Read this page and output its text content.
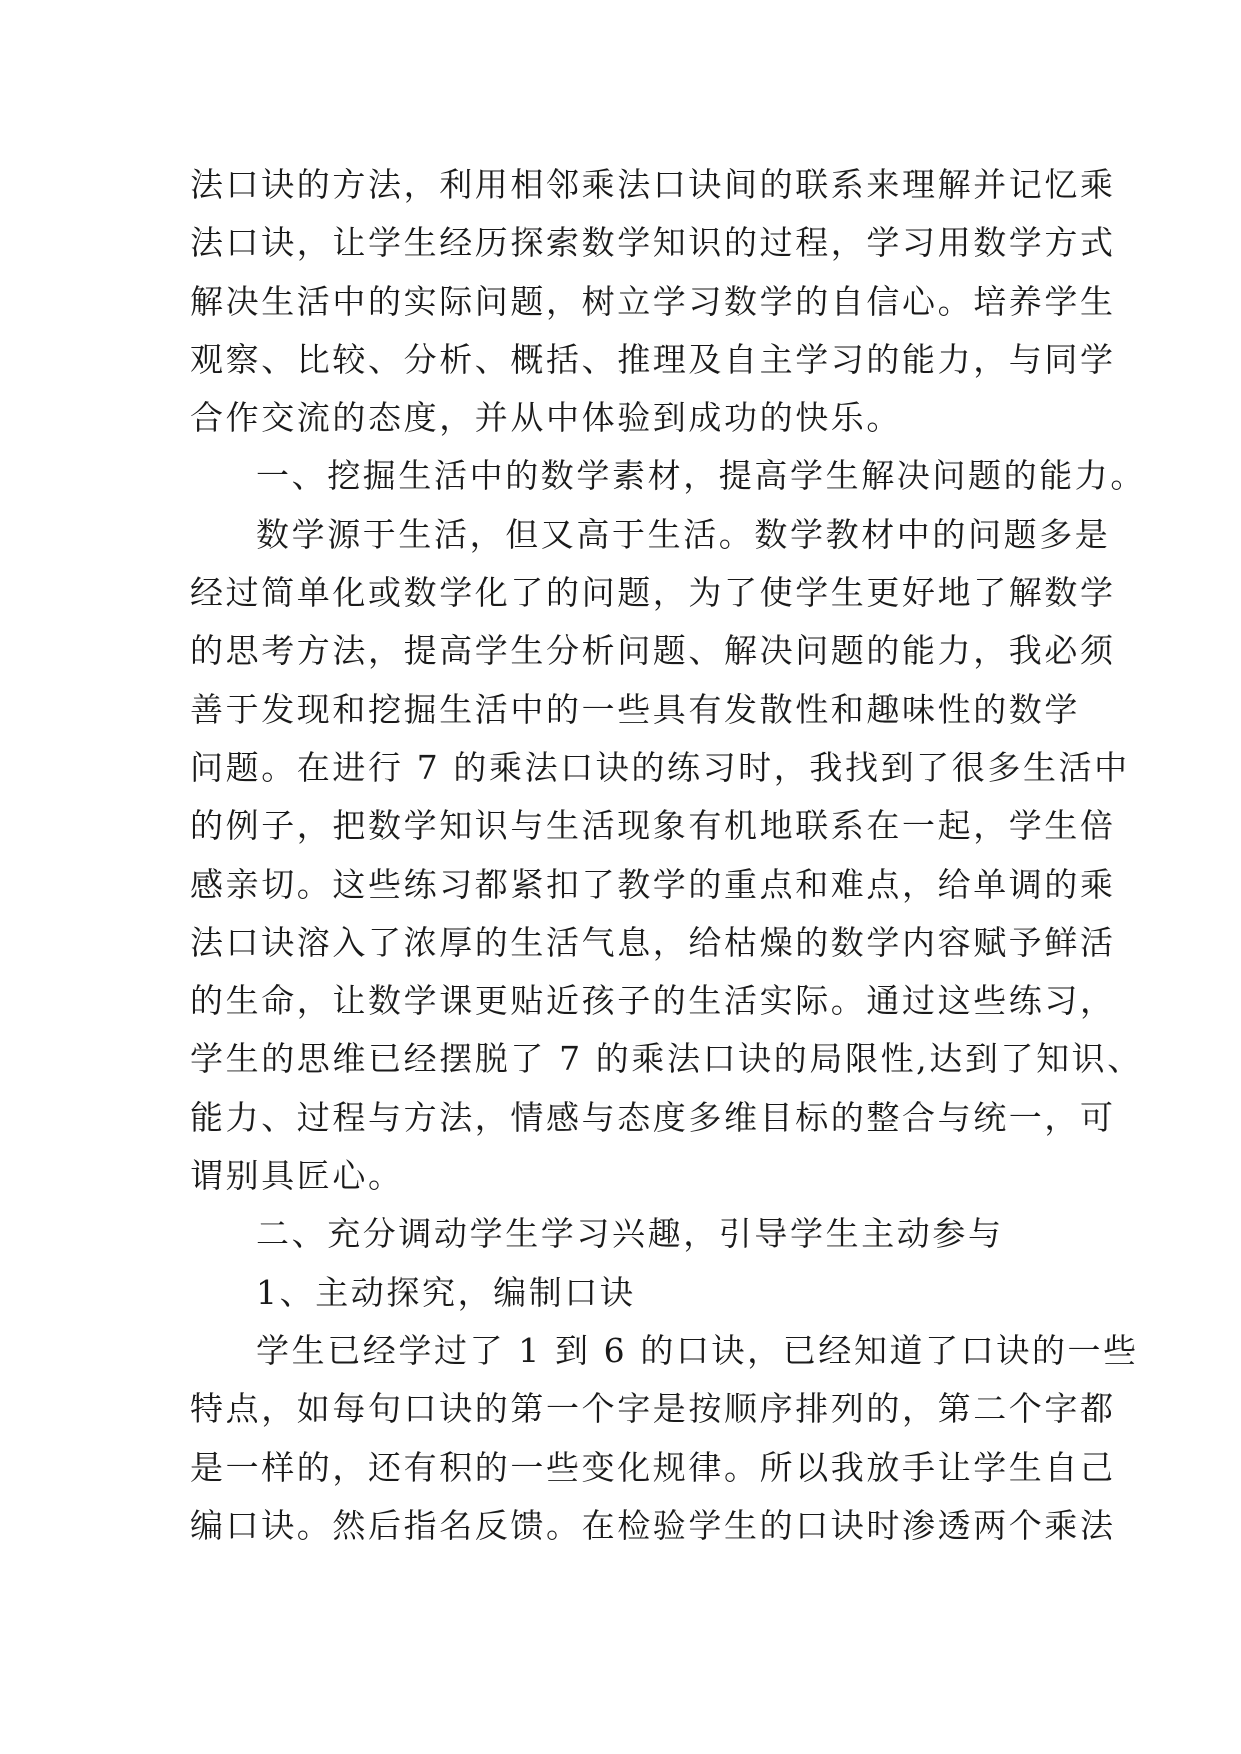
法口诀的方法，利用相邻乘法口诀间的联系来理解并记忆乘
法口诀，让学生经历探索数学知识的过程，学习用数学方式
解决生活中的实际问题，树立学习数学的自信心。培养学生
观察、比较、分析、概括、推理及自主学习的能力，与同学
合作交流的态度，并从中体验到成功的快乐。
一、挖掘生活中的数学素材，提高学生解决问题的能力。
数学源于生活，但又高于生活。数学教材中的问题多是
经过简单化或数学化了的问题，为了使学生更好地了解数学
的思考方法，提高学生分析问题、解决问题的能力，我必须
善于发现和挖掘生活中的一些具有发散性和趣味性的数学
问题。在进行 7 的乘法口诀的练习时，我找到了很多生活中
的例子，把数学知识与生活现象有机地联系在一起，学生倍
感亲切。这些练习都紧扣了教学的重点和难点，给单调的乘
法口诀溶入了浓厚的生活气息，给枯燥的数学内容赋予鲜活
的生命，让数学课更贴近孩子的生活实际。通过这些练习，
学生的思维已经摆脱了 7 的乘法口诀的局限性,达到了知识、
能力、过程与方法，情感与态度多维目标的整合与统一，可
谓别具匠心。
二、充分调动学生学习兴趣，引导学生主动参与
1、主动探究，编制口诀
学生已经学过了 1 到 6 的口诀，已经知道了口诀的一些
特点，如每句口诀的第一个字是按顺序排列的，第二个字都
是一样的，还有积的一些变化规律。所以我放手让学生自己
编口诀。然后指名反馈。在检验学生的口诀时渗透两个乘法
